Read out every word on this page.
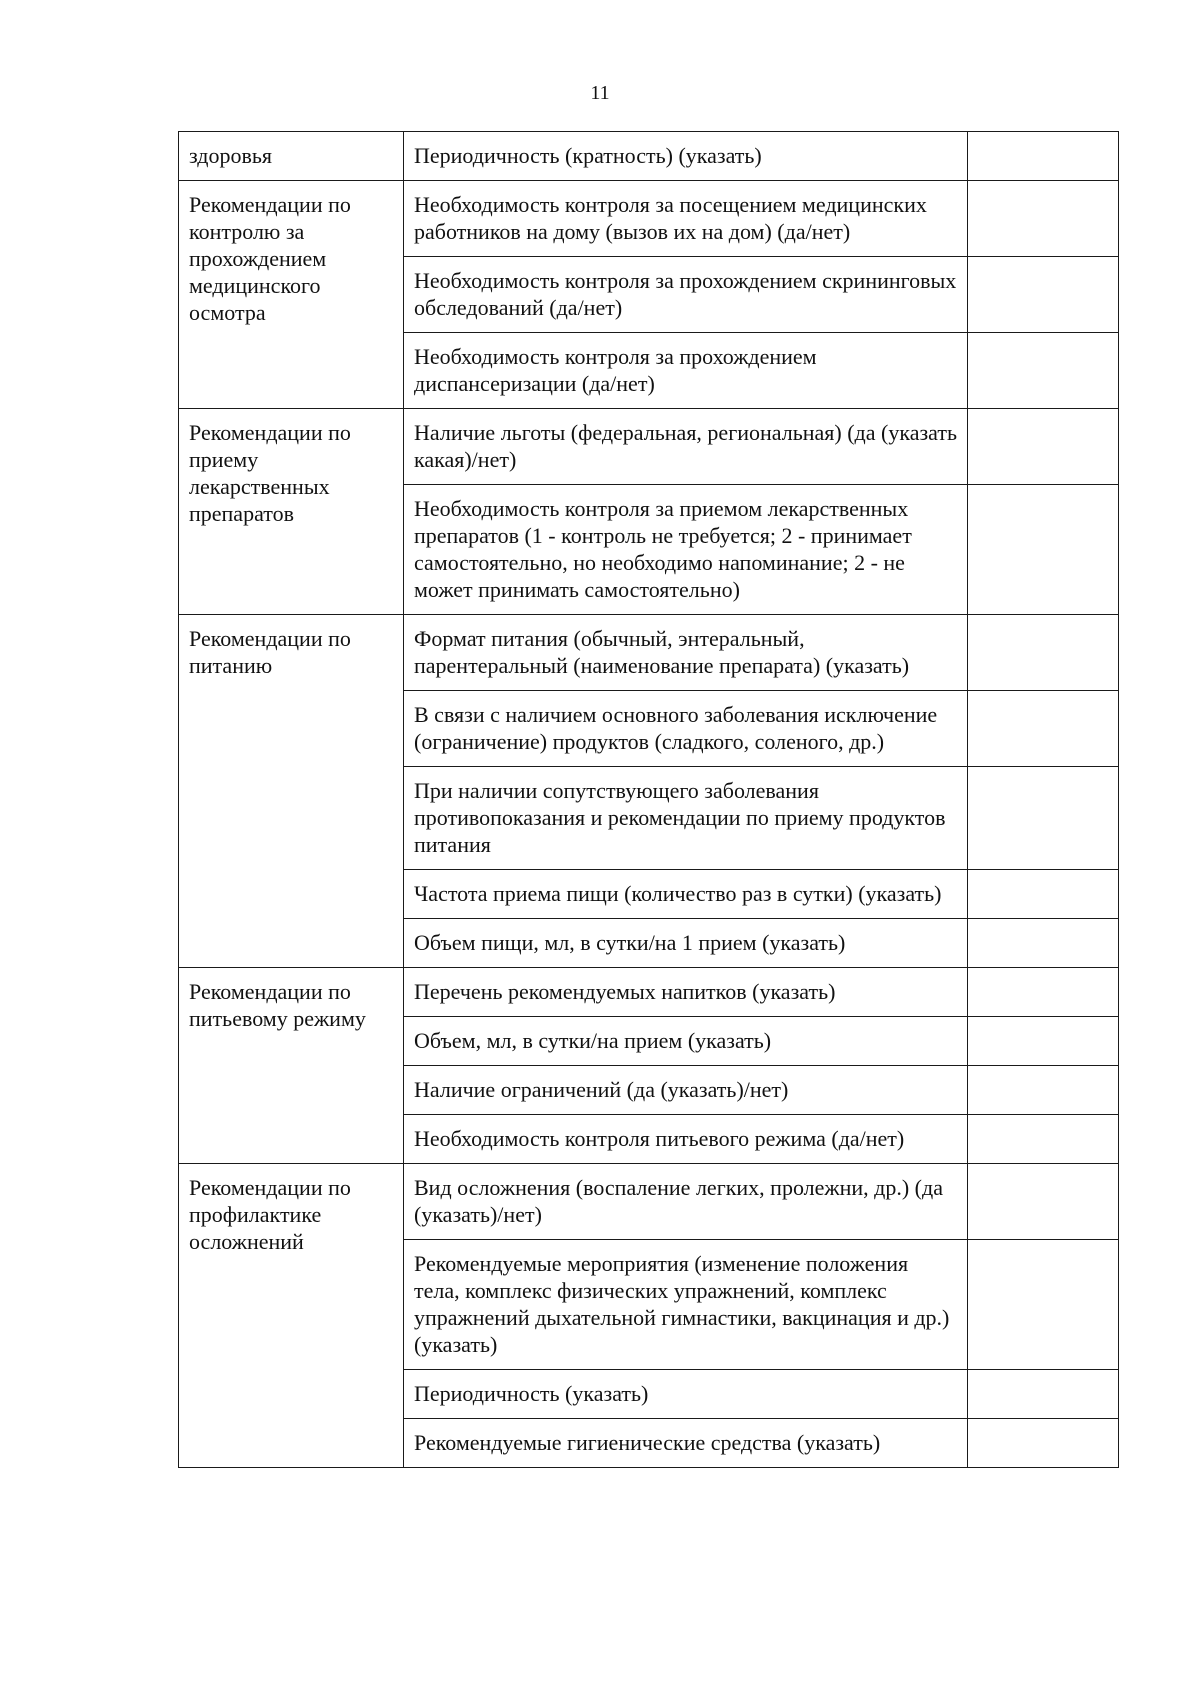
11
здоровья	Периодичность (кратность) (указать)	
Рекомендации по контролю за прохождением медицинского осмотра	Необходимость контроля за посещением медицинских работников на дому (вызов их на дом) (да/нет)	
	Необходимость контроля за прохождением скрининговых обследований (да/нет)	
	Необходимость контроля за прохождением диспансеризации (да/нет)	
Рекомендации по приему лекарственных препаратов	Наличие льготы (федеральная, региональная) (да (указать какая)/нет)	
	Необходимость контроля за приемом лекарственных препаратов (1 - контроль не требуется; 2 - принимает самостоятельно, но необходимо напоминание; 2 - не может принимать самостоятельно)	
Рекомендации по питанию	Формат питания (обычный, энтеральный, парентеральный (наименование препарата) (указать)	
	В связи с наличием основного заболевания исключение (ограничение) продуктов (сладкого, соленого, др.)	
	При наличии сопутствующего заболевания противопоказания и рекомендации по приему продуктов питания	
	Частота приема пищи (количество раз в сутки) (указать)	
	Объем пищи, мл, в сутки/на 1 прием (указать)	
Рекомендации по питьевому режиму	Перечень рекомендуемых напитков (указать)	
	Объем, мл, в сутки/на прием (указать)	
	Наличие ограничений (да (указать)/нет)	
	Необходимость контроля питьевого режима (да/нет)	
Рекомендации по профилактике осложнений	Вид осложнения (воспаление легких, пролежни, др.) (да (указать)/нет)	
	Рекомендуемые мероприятия (изменение положения тела, комплекс физических упражнений, комплекс упражнений дыхательной гимнастики, вакцинация и др.) (указать)	
	Периодичность (указать)	
	Рекомендуемые гигиенические средства (указать)	
